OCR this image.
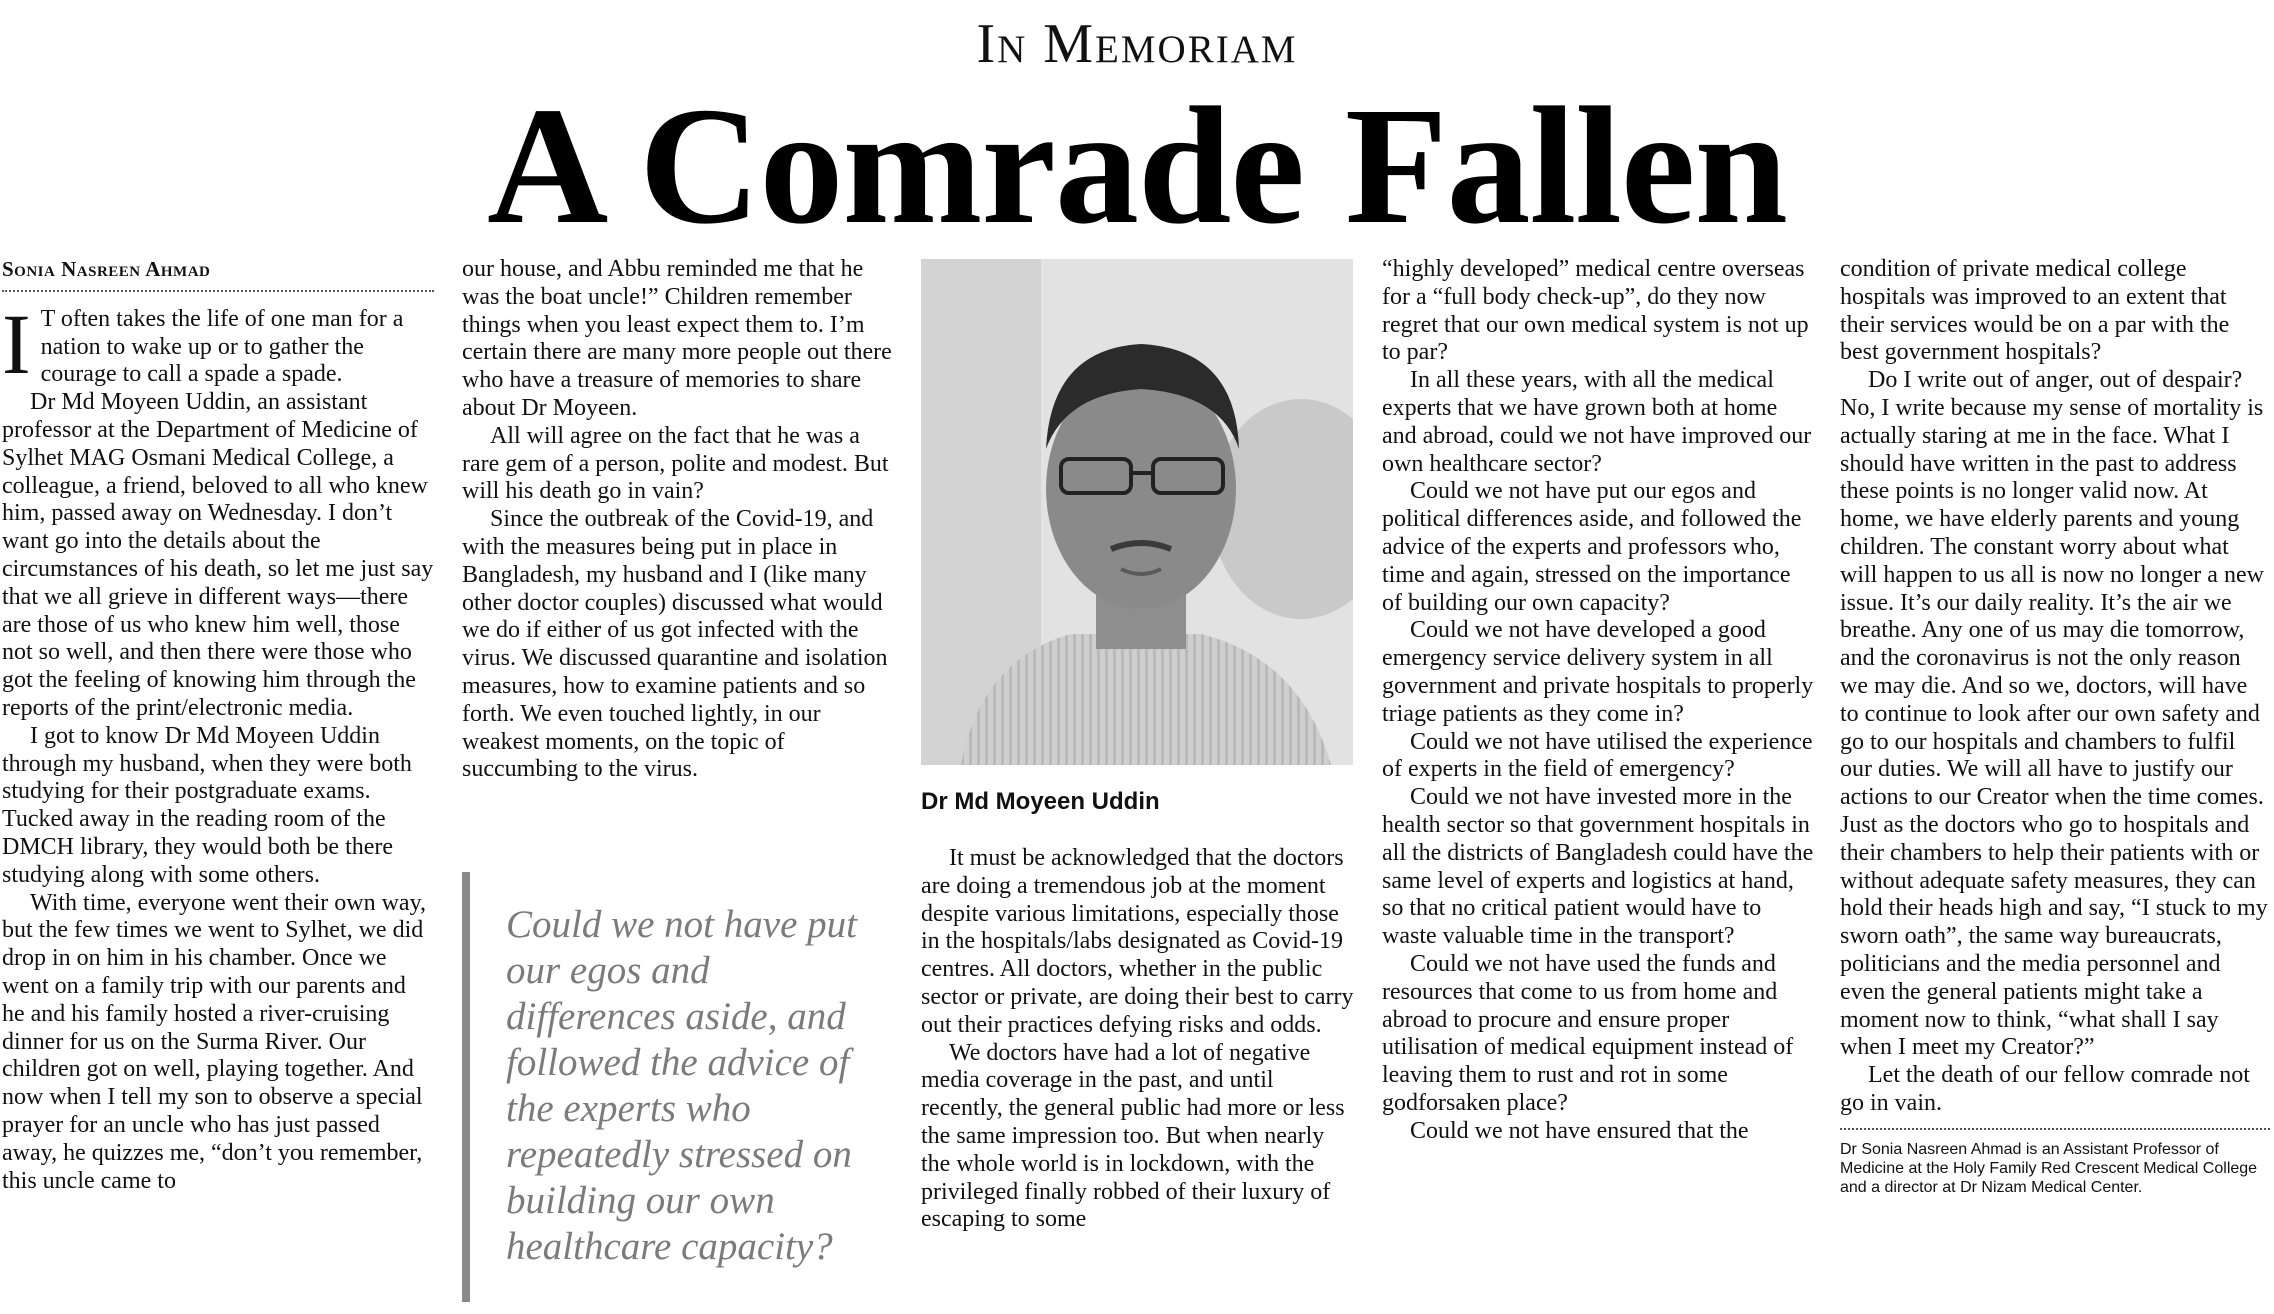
In Memoriam
A Comrade Fallen
Sonia Nasreen Ahmad

I T often takes the life of one man for a nation to wake up or to gather the courage to call a spade a spade.

Dr Md Moyeen Uddin, an assistant professor at the Department of Medicine of Sylhet MAG Osmani Medical College, a colleague, a friend, beloved to all who knew him, passed away on Wednesday. I don’t want go into the details about the circumstances of his death, so let me just say that we all grieve in different ways—there are those of us who knew him well, those not so well, and then there were those who got the feeling of knowing him through the reports of the print/electronic media.

I got to know Dr Md Moyeen Uddin through my husband, when they were both studying for their postgraduate exams. Tucked away in the reading room of the DMCH library, they would both be there studying along with some others.

With time, everyone went their own way, but the few times we went to Sylhet, we did drop in on him in his chamber. Once we went on a family trip with our parents and he and his family hosted a river-cruising dinner for us on the Surma River. Our children got on well, playing together. And now when I tell my son to observe a special prayer for an uncle who has just passed away, he quizzes me, “don’t you remember, this uncle came to

our house, and Abbu reminded me that he was the boat uncle!” Children remember things when you least expect them to. I’m certain there are many more people out there who have a treasure of memories to share about Dr Moyeen.

All will agree on the fact that he was a rare gem of a person, polite and modest. But will his death go in vain?

Since the outbreak of the Covid-19, and with the measures being put in place in Bangladesh, my husband and I (like many other doctor couples) discussed what would we do if either of us got infected with the virus. We discussed quarantine and isolation measures, how to examine patients and so forth. We even touched lightly, in our weakest moments, on the topic of succumbing to the virus.

Could we not have put our egos and differences aside, and followed the advice of the experts who repeatedly stressed on building our own healthcare capacity?
Dr Md Moyeen Uddin

It must be acknowledged that the doctors are doing a tremendous job at the moment despite various limitations, especially those in the hospitals/labs designated as Covid-19 centres. All doctors, whether in the public sector or private, are doing their best to carry out their practices defying risks and odds.

We doctors have had a lot of negative media coverage in the past, and until recently, the general public had more or less the same impression too. But when nearly the whole world is in lockdown, with the privileged finally robbed of their luxury of escaping to some

“highly developed” medical centre overseas for a “full body check-up”, do they now regret that our own medical system is not up to par?

In all these years, with all the medical experts that we have grown both at home and abroad, could we not have improved our own healthcare sector?

Could we not have put our egos and political differences aside, and followed the advice of the experts and professors who, time and again, stressed on the importance of building our own capacity?

Could we not have developed a good emergency service delivery system in all government and private hospitals to properly triage patients as they come in?

Could we not have utilised the experience of experts in the field of emergency?

Could we not have invested more in the health sector so that government hospitals in all the districts of Bangladesh could have the same level of experts and logistics at hand, so that no critical patient would have to waste valuable time in the transport?

Could we not have used the funds and resources that come to us from home and abroad to procure and ensure proper utilisation of medical equipment instead of leaving them to rust and rot in some godforsaken place?

Could we not have ensured that the

condition of private medical college hospitals was improved to an extent that their services would be on a par with the best government hospitals?

Do I write out of anger, out of despair? No, I write because my sense of mortality is actually staring at me in the face. What I should have written in the past to address these points is no longer valid now. At home, we have elderly parents and young children. The constant worry about what will happen to us all is now no longer a new issue. It’s our daily reality. It’s the air we breathe. Any one of us may die tomorrow, and the coronavirus is not the only reason we may die. And so we, doctors, will have to continue to look after our own safety and go to our hospitals and chambers to fulfil our duties. We will all have to justify our actions to our Creator when the time comes. Just as the doctors who go to hospitals and their chambers to help their patients with or without adequate safety measures, they can hold their heads high and say, “I stuck to my sworn oath”, the same way bureaucrats, politicians and the media personnel and even the general patients might take a moment now to think, “what shall I say when I meet my Creator?”

Let the death of our fellow comrade not go in vain.

Dr Sonia Nasreen Ahmad is an Assistant Professor of Medicine at the Holy Family Red Crescent Medical College and a director at Dr Nizam Medical Center.
